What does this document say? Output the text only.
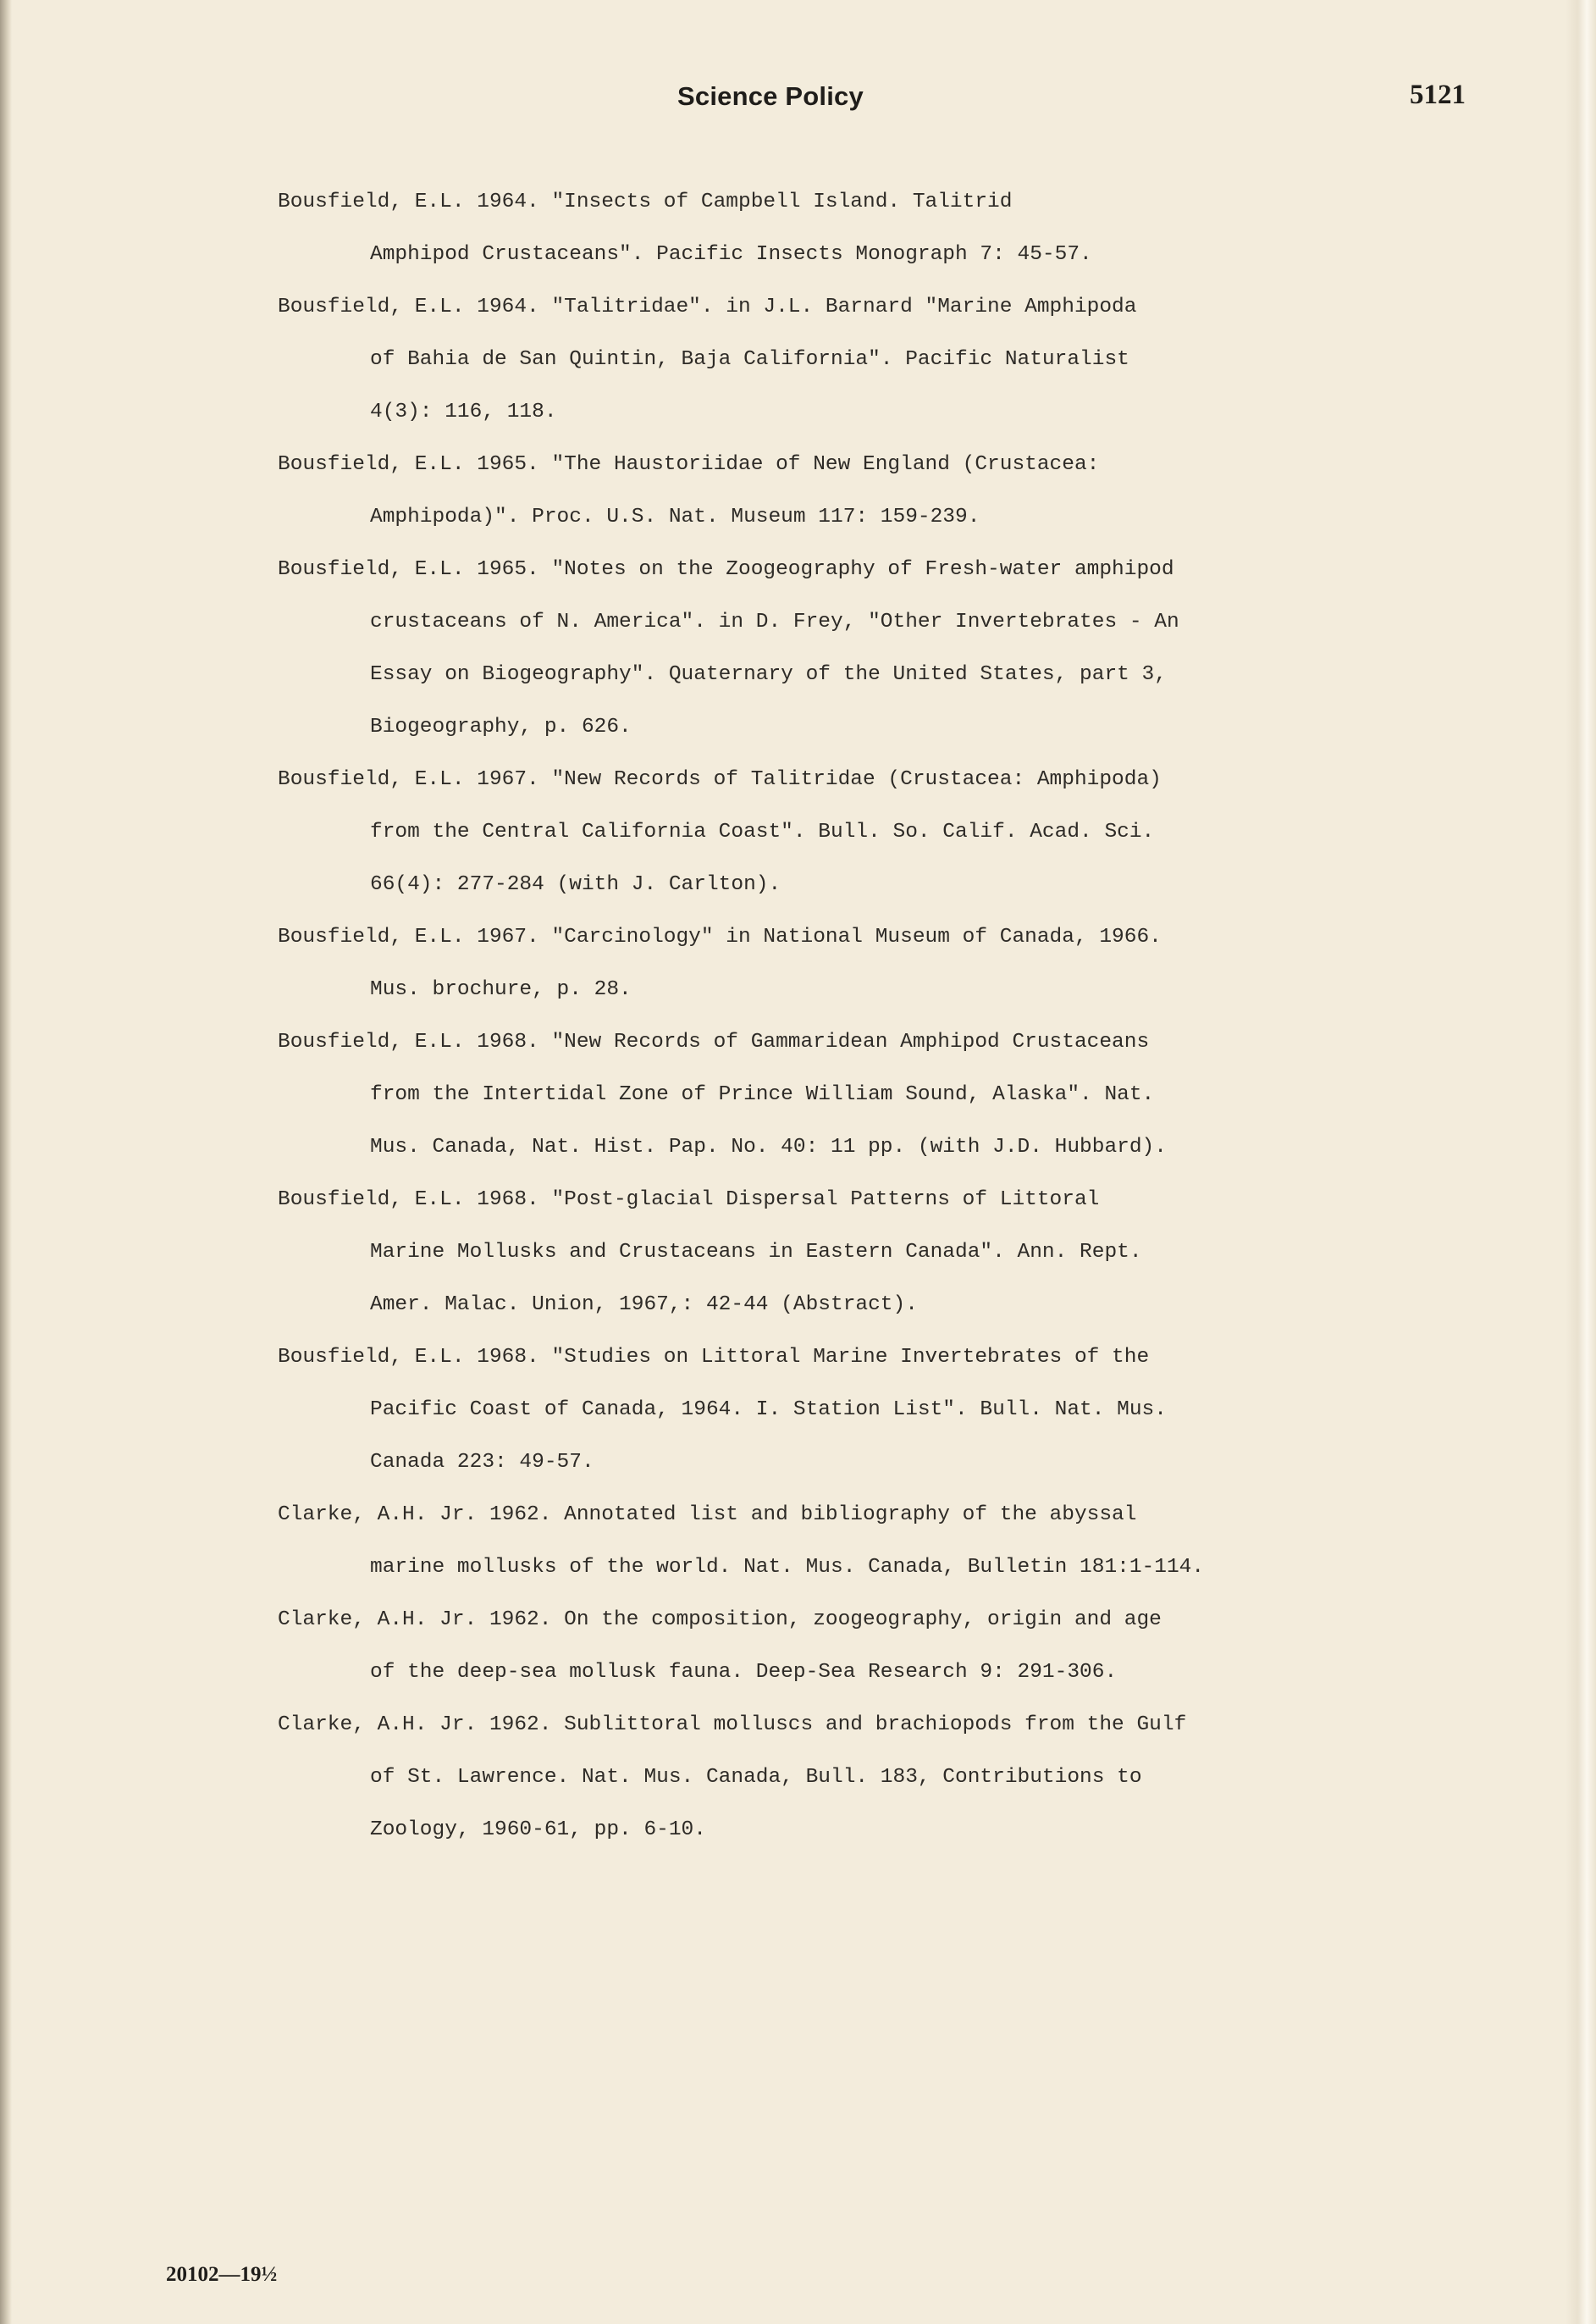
Science Policy	5121
Bousfield, E.L. 1964. "Insects of Campbell Island. Talitrid
Amphipod Crustaceans". Pacific Insects Monograph 7: 45-57.
Bousfield, E.L. 1964. "Talitridae". in J.L. Barnard "Marine Amphipoda
of Bahia de San Quintin, Baja California". Pacific Naturalist
4(3): 116, 118.
Bousfield, E.L. 1965. "The Haustoriidae of New England (Crustacea:
Amphipoda)". Proc. U.S. Nat. Museum 117: 159-239.
Bousfield, E.L. 1965. "Notes on the Zoogeography of Fresh-water amphipod
crustaceans of N. America". in D. Frey, "Other Invertebrates - An
Essay on Biogeography". Quaternary of the United States, part 3,
Biogeography, p. 626.
Bousfield, E.L. 1967. "New Records of Talitridae (Crustacea: Amphipoda)
from the Central California Coast". Bull. So. Calif. Acad. Sci.
66(4): 277-284 (with J. Carlton).
Bousfield, E.L. 1967. "Carcinology" in National Museum of Canada, 1966.
Mus. brochure, p. 28.
Bousfield, E.L. 1968. "New Records of Gammaridean Amphipod Crustaceans
from the Intertidal Zone of Prince William Sound, Alaska". Nat.
Mus. Canada, Nat. Hist. Pap. No. 40: 11 pp. (with J.D. Hubbard).
Bousfield, E.L. 1968. "Post-glacial Dispersal Patterns of Littoral
Marine Mollusks and Crustaceans in Eastern Canada". Ann. Rept.
Amer. Malac. Union, 1967,: 42-44 (Abstract).
Bousfield, E.L. 1968. "Studies on Littoral Marine Invertebrates of the
Pacific Coast of Canada, 1964. I. Station List". Bull. Nat. Mus.
Canada 223: 49-57.
Clarke, A.H. Jr. 1962. Annotated list and bibliography of the abyssal
marine mollusks of the world. Nat. Mus. Canada, Bulletin 181:1-114.
Clarke, A.H. Jr. 1962. On the composition, zoogeography, origin and age
of the deep-sea mollusk fauna. Deep-Sea Research 9: 291-306.
Clarke, A.H. Jr. 1962. Sublittoral molluscs and brachiopods from the Gulf
of St. Lawrence. Nat. Mus. Canada, Bull. 183, Contributions to
Zoology, 1960-61, pp. 6-10.
20102—19½
